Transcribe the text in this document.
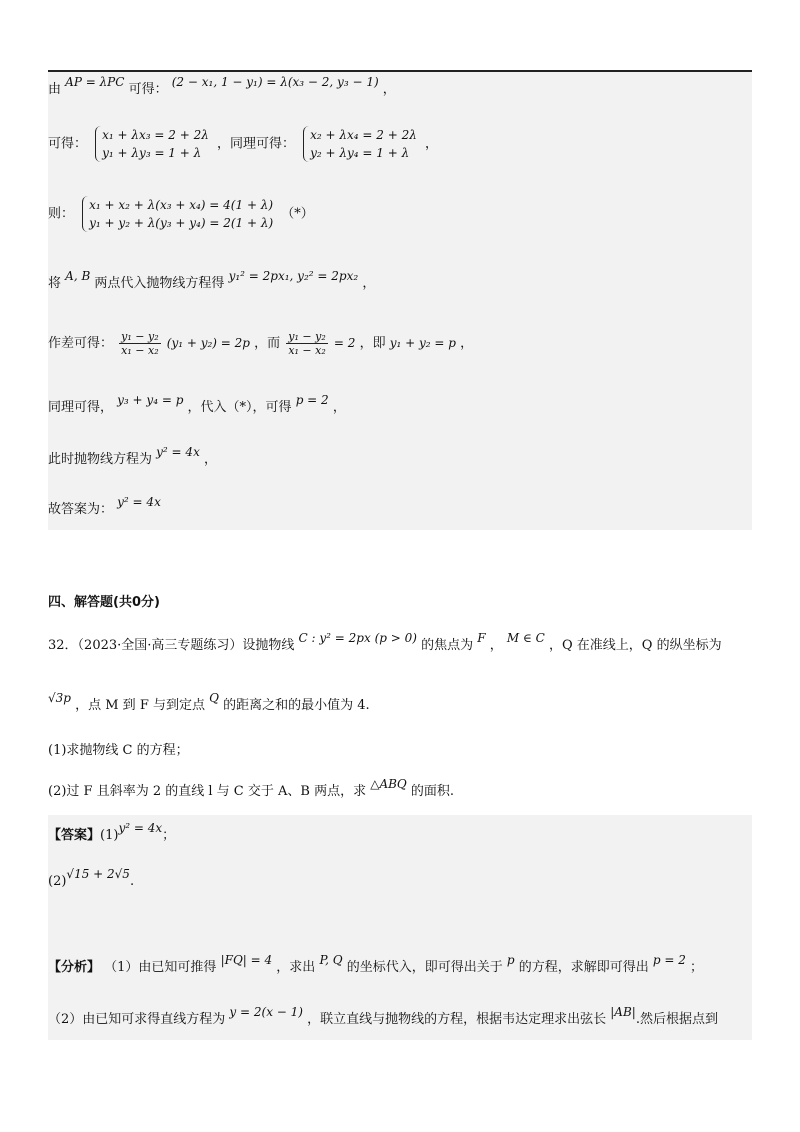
由 AP = λPC 可得： (2 − x₁, 1 − y₁) = λ(x₃ − 2, y₃ − 1) ，
可得： x₁ + λx₃ = 2 + 2λ
y₁ + λy₃ = 1 + λ ，同理可得： x₂ + λx₄ = 2 + 2λ
y₂ + λy₄ = 1 + λ ，
则： x₁ + x₂ + λ(x₃ + x₄) = 4(1 + λ)
y₁ + y₂ + λ(y₃ + y₄) = 2(1 + λ) （*）
将 A, B 两点代入抛物线方程得 y₁² = 2px₁, y₂² = 2px₂ ，
作差可得： $\frac{\text{y₁ − y₂}}{\text{x₁ − x₂}} (y_1 + y_2) = 2p$ ，而 $\frac{\text{y₁ − y₂}}{\text{x₁ − x₂}} = 2$ ，即 y₁ + y₂ = p ，
同理可得， y₃ + y₄ = p ，代入（*），可得 p = 2 ，
此时抛物线方程为 y² = 4x ，
故答案为： y² = 4x
四、解答题(共0分)
32．（2023·全国·高三专题练习）设抛物线 C : y² = 2px (p > 0) 的焦点为 F ， M ∈ C ，Q 在准线上，Q 的纵坐标为
√3p ，点 M 到 F 与到定点 Q 的距离之和的最小值为 4.
(1)求抛物线 C 的方程；
(2)过 F 且斜率为 2 的直线 l 与 C 交于 A、B 两点，求 △ABQ 的面积.
【答案】(1)y² = 4x；
(2)√15 + 2√5.
【分析】 （1）由已知可推得 |FQ| = 4 ，求出 P, Q 的坐标代入，即可得出关于 p 的方程，求解即可得出 p = 2 ；
（2）由已知可求得直线方程为 y = 2(x − 1) ，联立直线与抛物线的方程，根据韦达定理求出弦长 |AB|.然后根据点到
